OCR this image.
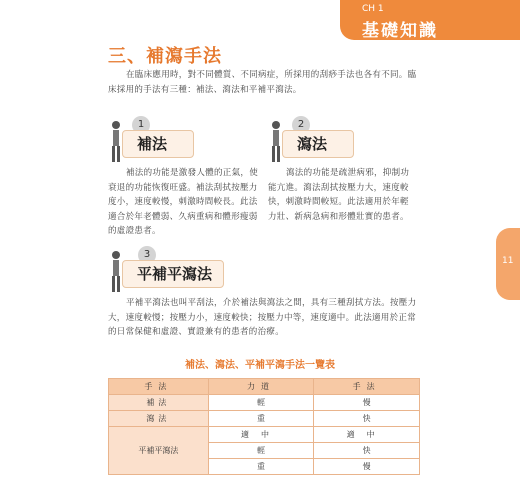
CH 1
基礎知識
11
三、補瀉手法
在臨床應用時，對不同體質、不同病症，所採用的刮痧手法也各有不同。臨
床採用的手法有三種：補法、瀉法和平補平瀉法。
1
補法
補法的功能是激發人體的正氣，使
衰退的功能恢復旺盛。補法刮拭按壓力
度小，速度較慢，刺激時間較長。此法
適合於年老體弱、久病重病和體形瘦弱
的虛證患者。
2
瀉法
瀉法的功能是疏泄病邪，抑制功
能亢進。瀉法刮拭按壓力大，速度較
快，刺激時間較短。此法適用於年輕
力壯、新病急病和形體壯實的患者。
3
平補平瀉法
平補平瀉法也叫平刮法，介於補法與瀉法之間，具有三種刮拭方法。按壓力
大，速度較慢；按壓力小，速度較快；按壓力中等，速度適中。此法適用於正常
的日常保健和虛證、實證兼有的患者的治療。
補法、瀉法、平補平瀉手法一覽表
手法	力道	手法
補法	輕	慢
瀉法	重	快
平補平瀉法	適中	適中
	輕	快
	重	慢
